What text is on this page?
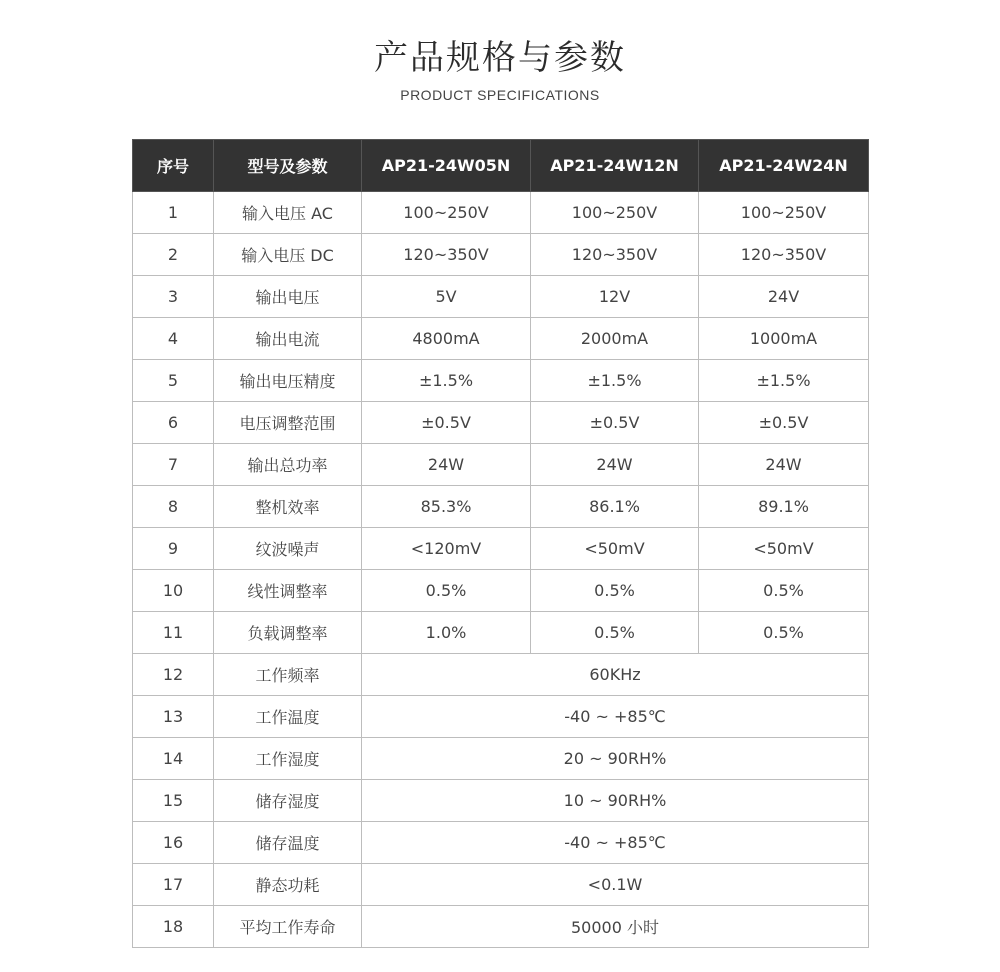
产品规格与参数
PRODUCT SPECIFICATIONS
序号	型号及参数	AP21-24W05N	AP21-24W12N	AP21-24W24N
1	输入电压 AC	100~250V	100~250V	100~250V
2	输入电压 DC	120~350V	120~350V	120~350V
3	输出电压	5V	12V	24V
4	输出电流	4800mA	2000mA	1000mA
5	输出电压精度	±1.5%	±1.5%	±1.5%
6	电压调整范围	±0.5V	±0.5V	±0.5V
7	输出总功率	24W	24W	24W
8	整机效率	85.3%	86.1%	89.1%
9	纹波噪声	<120mV	<50mV	<50mV
10	线性调整率	0.5%	0.5%	0.5%
11	负载调整率	1.0%	0.5%	0.5%
12	工作频率	60KHz		
13	工作温度	-40 ~ +85℃		
14	工作湿度	20 ~ 90RH%		
15	储存湿度	10 ~ 90RH%		
16	储存温度	-40 ~ +85℃		
17	静态功耗	<0.1W		
18	平均工作寿命	50000 小时		
